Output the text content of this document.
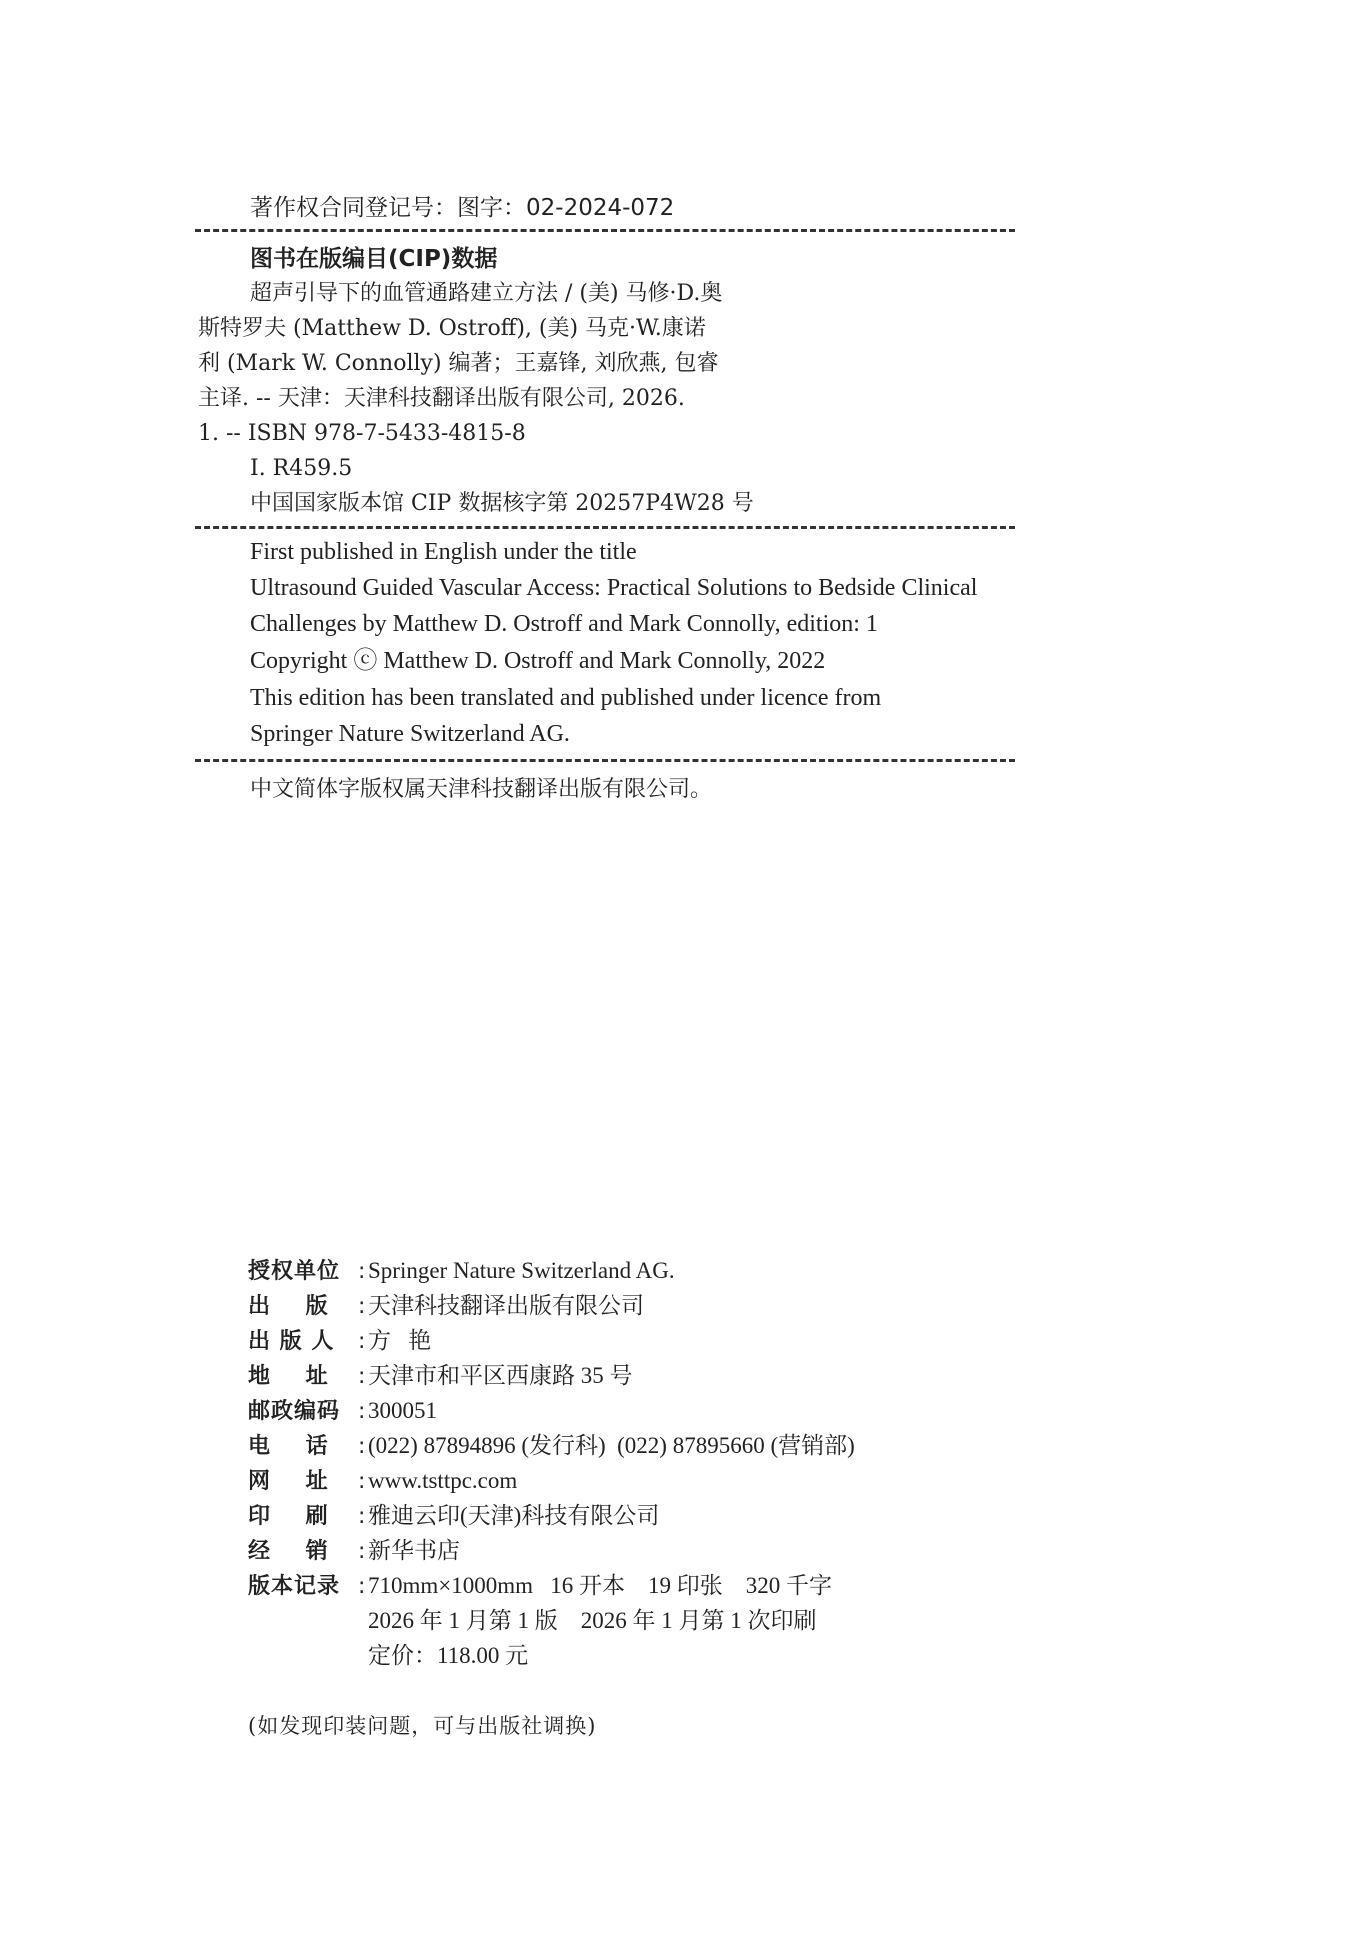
著作权合同登记号：图字：02-2024-072
图书在版编目(CIP)数据
超声引导下的血管通路建立方法 / (美) 马修·D.奥
斯特罗夫 (Matthew D. Ostroff), (美) 马克·W.康诺
利 (Mark W. Connolly) 编著；王嘉锋, 刘欣燕, 包睿
主译. -- 天津：天津科技翻译出版有限公司, 2026.
1. -- ISBN 978-7-5433-4815-8
Ⅰ. R459.5
中国国家版本馆 CIP 数据核字第 20257P4W28 号
First published in English under the title
Ultrasound Guided Vascular Access: Practical Solutions to Bedside Clinical
Challenges by Matthew D. Ostroff and Mark Connolly, edition: 1
Copyright ⓒ Matthew D. Ostroff and Mark Connolly, 2022
This edition has been translated and published under licence from
Springer Nature Switzerland AG.
中文简体字版权属天津科技翻译出版有限公司。
授权单位 : Springer Nature Switzerland AG.
出    版 : 天津科技翻译出版有限公司
出 版 人 : 方   艳
地    址 : 天津市和平区西康路 35 号
邮政编码 : 300051
电    话 : (022) 87894896 (发行科)  (022) 87895660 (营销部)
网    址 : www.tsttpc.com
印    刷 : 雅迪云印(天津)科技有限公司
经    销 : 新华书店
版本记录 : 710mm×1000mm   16 开本    19 印张    320 千字
2026 年 1 月第 1 版    2026 年 1 月第 1 次印刷
定价：118.00 元
(如发现印装问题，可与出版社调换)
